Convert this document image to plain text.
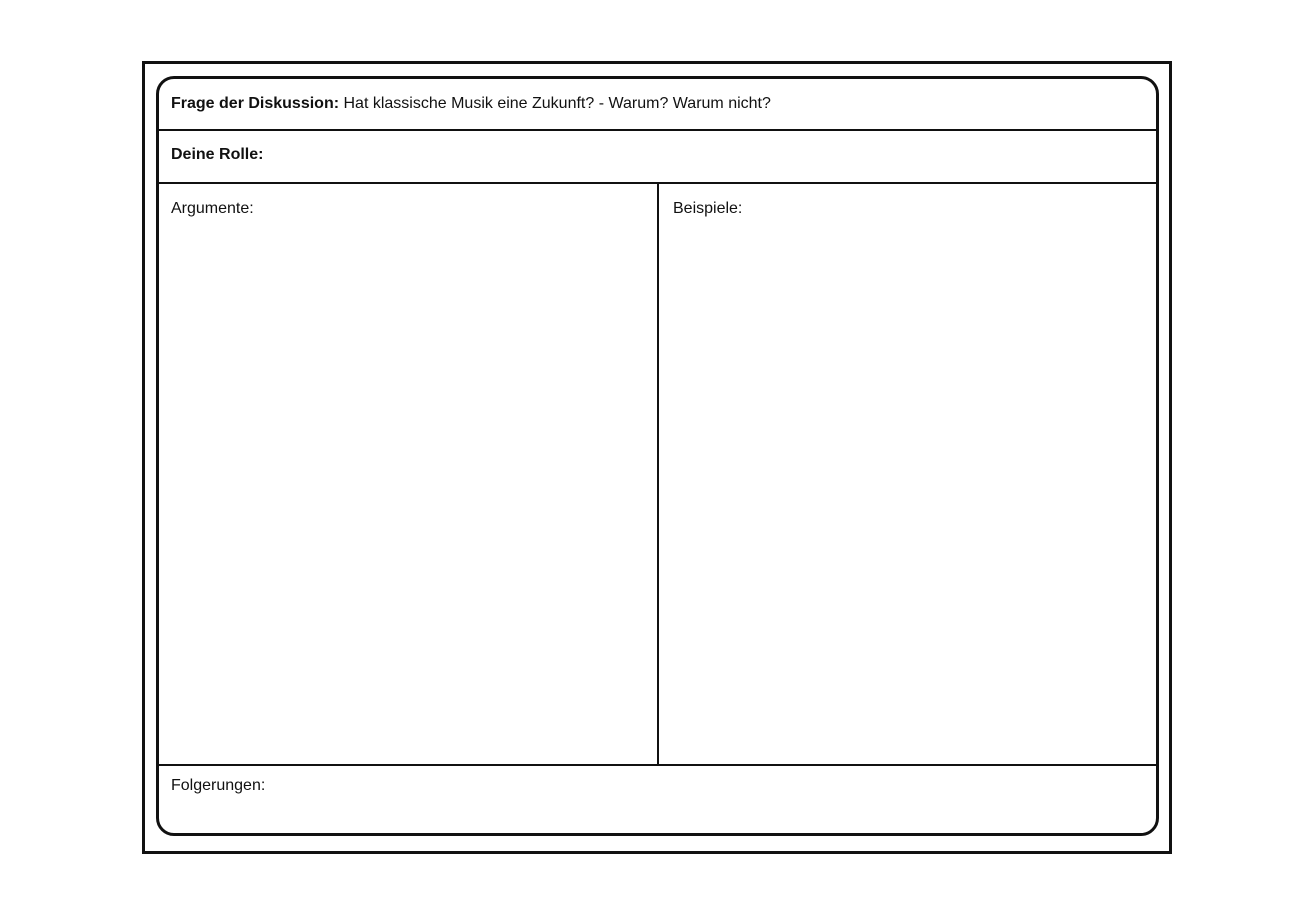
Frage der Diskussion: Hat klassische Musik eine Zukunft? - Warum? Warum nicht?
Deine Rolle:
Argumente:	Beispiele:
Folgerungen:
